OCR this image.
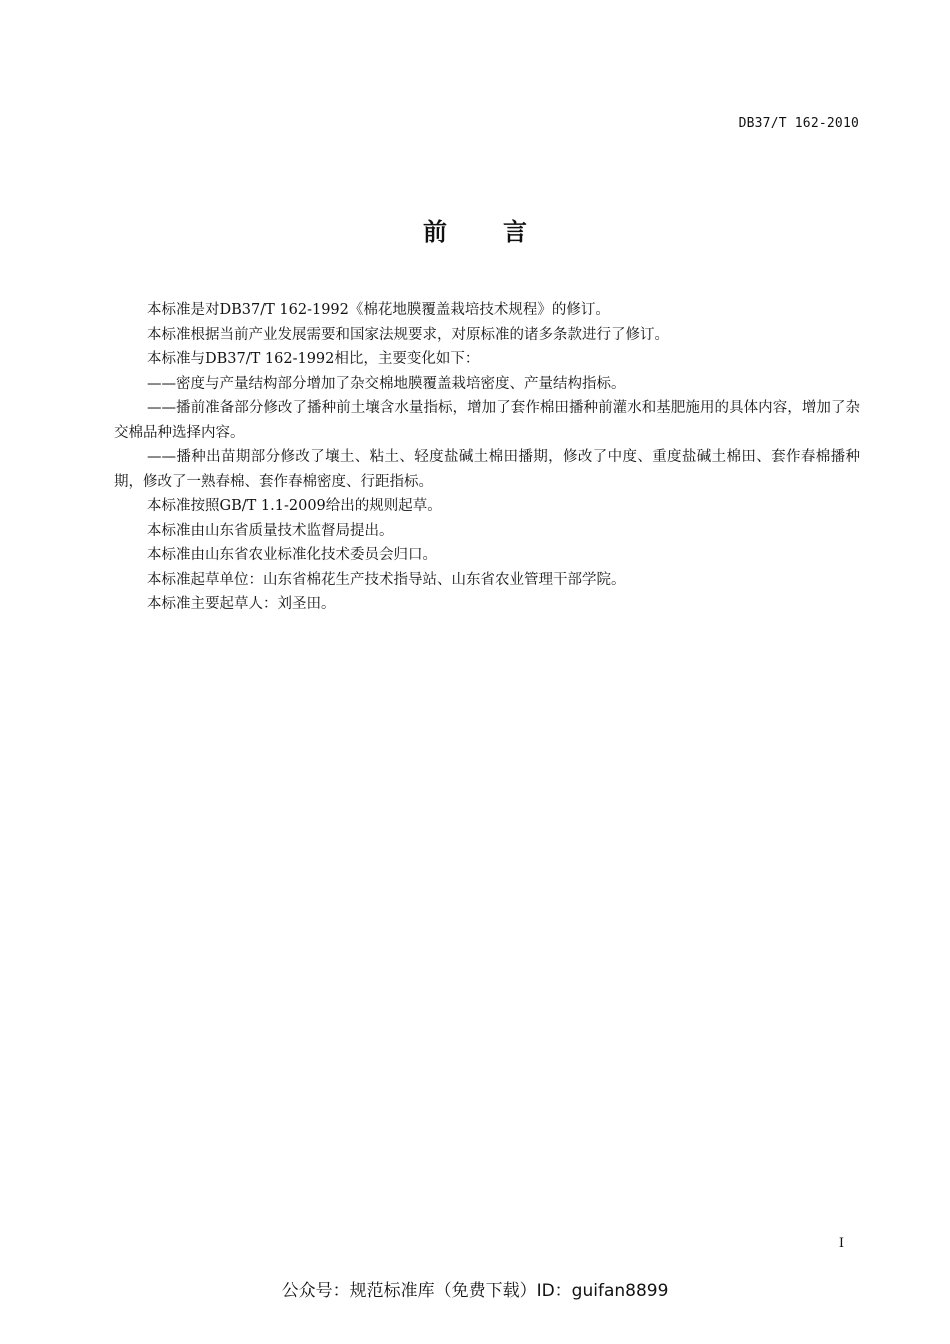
DB37/T 162-2010
前 言

本标准是对DB37/T 162-1992《棉花地膜覆盖栽培技术规程》的修订。

本标准根据当前产业发展需要和国家法规要求，对原标准的诸多条款进行了修订。

本标准与DB37/T 162-1992相比，主要变化如下：

——密度与产量结构部分增加了杂交棉地膜覆盖栽培密度、产量结构指标。

——播前准备部分修改了播种前土壤含水量指标，增加了套作棉田播种前灌水和基肥施用的具体内容，增加了杂交棉品种选择内容。

——播种出苗期部分修改了壤土、粘土、轻度盐碱土棉田播期，修改了中度、重度盐碱土棉田、套作春棉播种期，修改了一熟春棉、套作春棉密度、行距指标。

本标准按照GB/T 1.1-2009给出的规则起草。

本标准由山东省质量技术监督局提出。

本标准由山东省农业标准化技术委员会归口。

本标准起草单位：山东省棉花生产技术指导站、山东省农业管理干部学院。

本标准主要起草人：刘圣田。

I
公众号：规范标准库（免费下载）ID：guifan8899
